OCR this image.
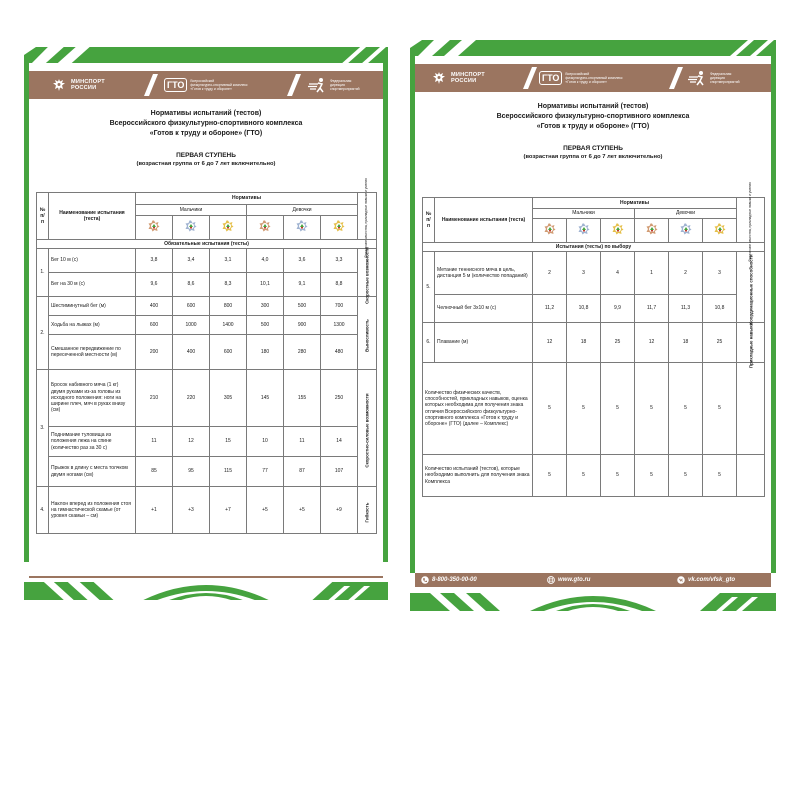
МИНСПОРТ
РОССИИ	ГТО	Всероссийский
физкультурно-спортивный комплекс
«Готов к труду и обороне»
Федеральная
дирекция
спортмероприятий
Нормативы испытаний (тестов)
Всероссийского физкультурно-спортивного комплекса
«Готов к труду и обороне» (ГТО)
ПЕРВАЯ СТУПЕНЬ
(возрастная группа от 6 до 7 лет включительно)
№ п/п	Наименование испытания (теста)	Нормативы						Физические качества, прикладные навыки и умения

		Мальчики			Девочки			

Обязательные испытания (тесты)								
1.	Бег 10 м (с)	3,8	3,4	3,1	4,0	3,6	3,3	Скоростные возможности

	Бег на 30 м (с)	9,6	8,6	8,3	10,1	9,1	8,8	
2.	Шестиминутный бег (м)	400	600	800	300	500	700	Выносливость

	Ходьба на лыжах (м)	600	1000	1400	500	900	1300	
	Смешанное передвижение по пересеченной местности (м)	200	400	600	180	280	480	
3.	Бросок набивного мяча (1 кг) двумя руками из-за головы из исходного положения: ноги на ширине плеч, мяч в руках внизу (см)	210	220	305	145	155	250	Скоростно-силовые возможности

	Поднимание туловища из положения лежа на спине (количество раз за 30 с)	11	12	15	10	11	14	
	Прыжок в длину с места толчком двумя ногами (см)	85	95	115	77	87	107	
4.	Наклон вперед из положения стоя на гимнастической скамье (от уровня скамьи – см)	+1	+3	+7	+5	+5	+9	Гибкость
МИНСПОРТ
РОССИИ	ГТО	Всероссийский
физкультурно-спортивный комплекс
«Готов к труду и обороне»
Федеральная
дирекция
спортмероприятий
Нормативы испытаний (тестов)
Всероссийского физкультурно-спортивного комплекса
«Готов к труду и обороне» (ГТО)
ПЕРВАЯ СТУПЕНЬ
(возрастная группа от 6 до 7 лет включительно)
№ п/п	Наименование испытания (теста)	Нормативы						Физические качества, прикладные навыки и умения

		Мальчики			Девочки			

Испытания (тесты) по выбору								
5.	Метание теннисного мяча в цель, дистанция 5 м (количество попаданий)	2	3	4	1	2	3	Координационные способности

	Челночный бег 3х10 м (с)	11,2	10,8	9,9	11,7	11,3	10,8	
6.	Плавание (м)	12	18	25	12	18	25	Прикладные навыки

Количество физических качеств, способностей, прикладных навыков, оценка которых необходима для получения знака отличия Всероссийского физкультурно-спортивного комплекса «Готов к труду и обороне» (ГТО) (далее – Комплекс)		5	5	5	5	5	5	
Количество испытаний (тестов), которые необходимо выполнить для получения знака Комплекса		5	5	5	5	5	5	
8-800-350-00-00	www.gto.ru	vk.com/vfsk_gto
